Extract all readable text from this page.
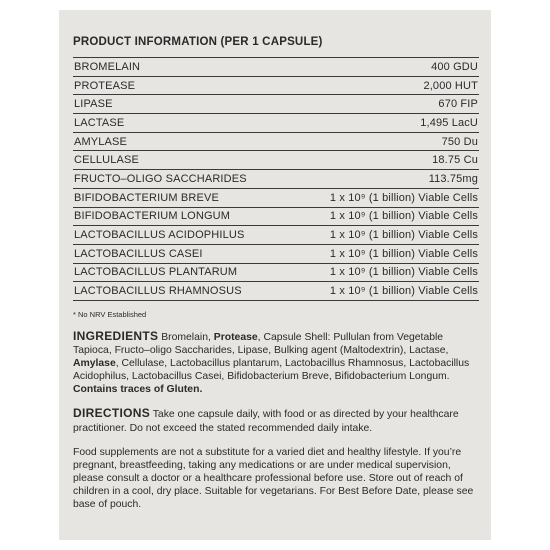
PRODUCT INFORMATION (PER 1 CAPSULE)
BROMELAIN	400 GDU
PROTEASE	2,000 HUT
LIPASE	670 FIP
LACTASE	1,495 LacU
AMYLASE	750 Du
CELLULASE	18.75 Cu
FRUCTO–OLIGO SACCHARIDES	113.75mg
BIFIDOBACTERIUM BREVE	1 x 10⁹ (1 billion) Viable Cells
BIFIDOBACTERIUM LONGUM	1 x 10⁹ (1 billion) Viable Cells
LACTOBACILLUS ACIDOPHILUS	1 x 10⁹ (1 billion) Viable Cells
LACTOBACILLUS CASEI	1 x 10⁹ (1 billion) Viable Cells
LACTOBACILLUS PLANTARUM	1 x 10⁹ (1 billion) Viable Cells
LACTOBACILLUS RHAMNOSUS	1 x 10⁹ (1 billion) Viable Cells
* No NRV Established

INGREDIENTS Bromelain, Protease, Capsule Shell: Pullulan from Vegetable Tapioca, Fructo–oligo Saccharides, Lipase, Bulking agent (Maltodextrin), Lactase, Amylase, Cellulase, Lactobacillus plantarum, Lactobacillus Rhamnosus, Lactobacillus Acidophilus, Lactobacillus Casei, Bifidobacterium Breve, Bifidobacterium Longum. Contains traces of Gluten.

DIRECTIONS Take one capsule daily, with food or as directed by your healthcare practitioner. Do not exceed the stated recommended daily intake.

Food supplements are not a substitute for a varied diet and healthy lifestyle. If you’re pregnant, breastfeeding, taking any medications or are under medical supervision, please consult a doctor or a healthcare professional before use. Store out of reach of children in a cool, dry place. Suitable for vegetarians. For Best Before Date, please see base of pouch.
